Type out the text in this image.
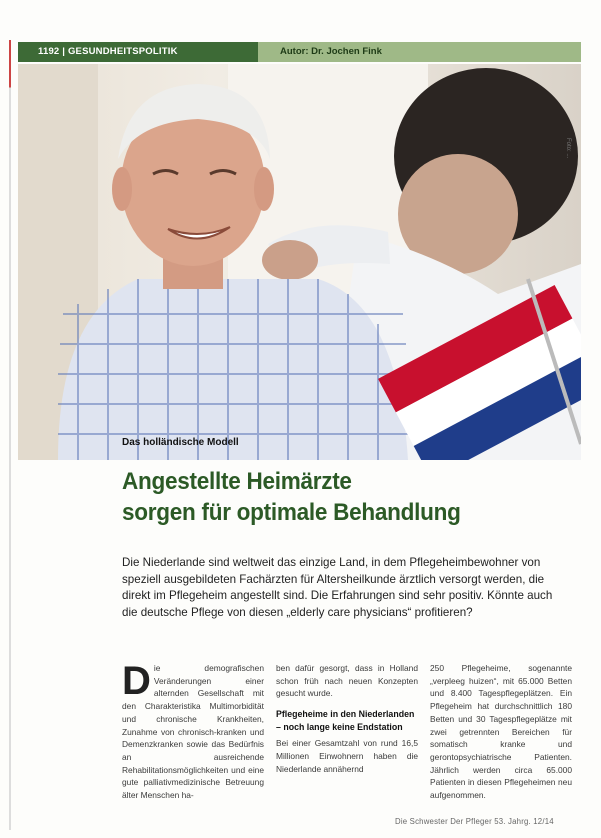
1192 | GESUNDHEITSPOLITIK	Autor: Dr. Jochen Fink
Foto: ...
Das holländische Modell
Angestellte Heimärzte
sorgen für optimale Behandlung

Die Niederlande sind weltweit das einzige Land, in dem Pflegeheimbewohner von speziell ausgebildeten Fachärzten für Altersheilkunde ärztlich versorgt werden, die direkt im Pflegeheim angestellt sind. Die Erfahrungen sind sehr positiv. Könnte auch die deutsche Pflege von diesen „elderly care physicians“ profitieren?

D ie demografischen Veränderungen einer alternden Gesellschaft mit den Charakteristika Multimorbidität und chronische Krankheiten, Zunahme von chronisch-kranken und Demenzkranken sowie das Bedürfnis an ausreichende Rehabilitationsmöglichkeiten und eine gute palliativmedizinische Betreuung älter Menschen ha-
ben dafür gesorgt, dass in Holland schon früh nach neuen Konzepten gesucht wurde.
Pflegeheime in den Niederlanden – noch lange keine Endstation
Bei einer Gesamtzahl von rund 16,5 Millionen Einwohnern haben die Niederlande annähernd
250 Pflegeheime, sogenannte „verpleeg huizen“, mit 65.000 Betten und 8.400 Tagespflegeplätzen. Ein Pflegeheim hat durchschnittlich 180 Betten und 30 Tagespflegeplätze mit zwei getrennten Bereichen für somatisch kranke und gerontopsychiatrische Patienten. Jährlich werden circa 65.000 Patienten in diesen Pflegeheimen neu aufgenommen.
Die Schwester Der Pfleger 53. Jahrg. 12/14
